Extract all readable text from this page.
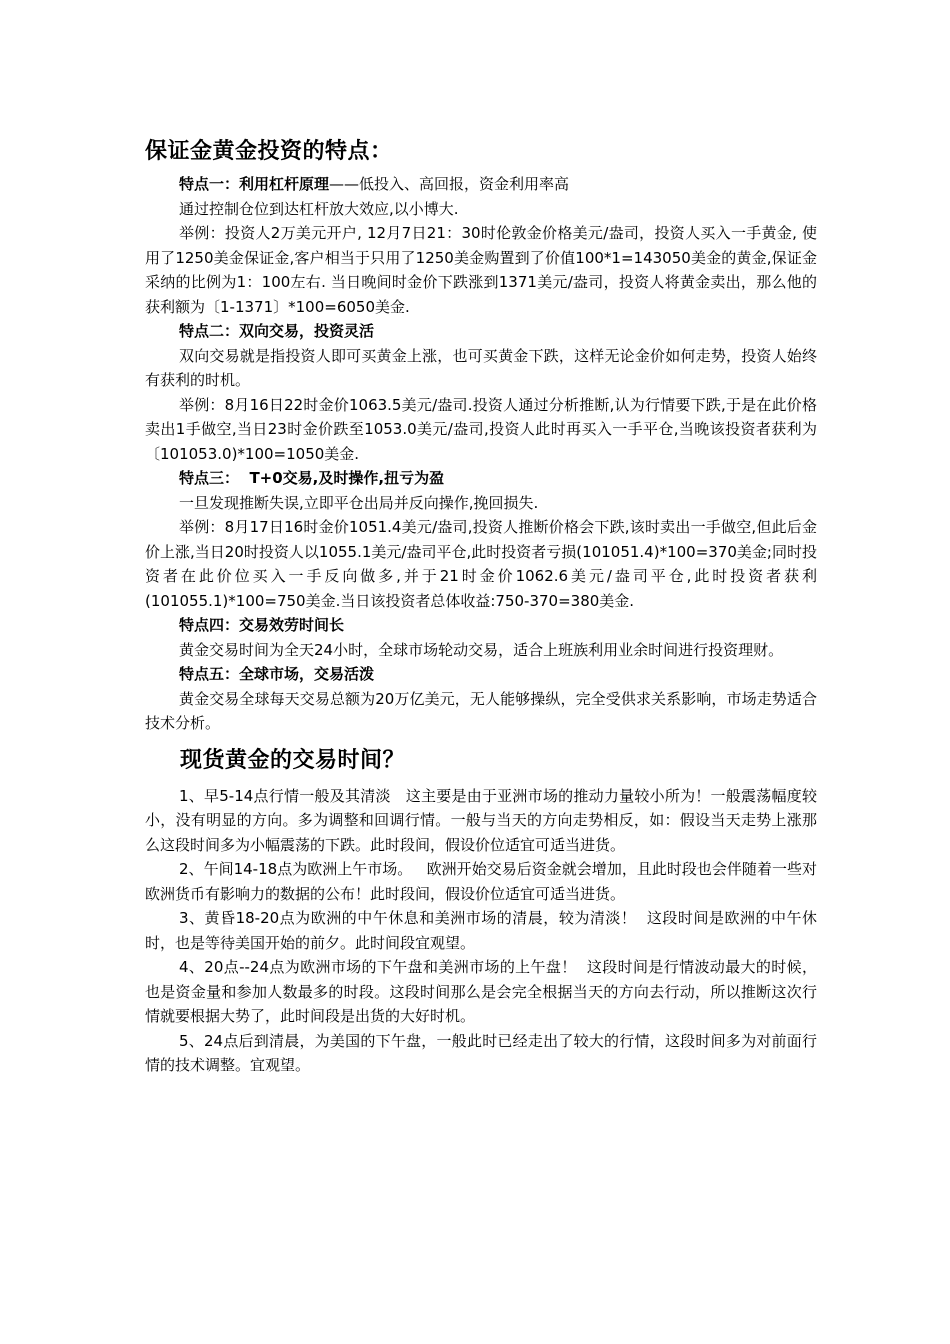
保证金黄金投资的特点：

特点一：利用杠杆原理——低投入、高回报，资金利用率高

通过控制仓位到达杠杆放大效应,以小博大.

举例：投资人2万美元开户, 12月7日21：30时伦敦金价格美元/盎司，投资人买入一手黄金, 使用了1250美金保证金,客户相当于只用了1250美金购置到了价值100*1=143050美金的黄金,保证金采纳的比例为1：100左右. 当日晚间时金价下跌涨到1371美元/盎司，投资人将黄金卖出，那么他的获利额为〔1-1371〕*100=6050美金.

特点二：双向交易，投资灵活

双向交易就是指投资人即可买黄金上涨，也可买黄金下跌，这样无论金价如何走势，投资人始终有获利的时机。

举例：8月16日22时金价1063.5美元/盎司.投资人通过分析推断,认为行情要下跌,于是在此价格卖出1手做空,当日23时金价跌至1053.0美元/盎司,投资人此时再买入一手平仓,当晚该投资者获利为〔101053.0)*100=1050美金.

特点三：  T+0交易,及时操作,扭亏为盈

一旦发现推断失误,立即平仓出局并反向操作,挽回损失.

举例：8月17日16时金价1051.4美元/盎司,投资人推断价格会下跌,该时卖出一手做空,但此后金价上涨,当日20时投资人以1055.1美元/盎司平仓,此时投资者亏损(101051.4)*100=370美金;同时投资者在此价位买入一手反向做多,并于21时金价1062.6美元/盎司平仓,此时投资者获利(101055.1)*100=750美金.当日该投资者总体收益:750-370=380美金.

特点四：交易效劳时间长

黄金交易时间为全天24小时，全球市场轮动交易，适合上班族利用业余时间进行投资理财。

特点五：全球市场，交易活泼

黄金交易全球每天交易总额为20万亿美元，无人能够操纵，完全受供求关系影响，市场走势适合技术分析。

现货黄金的交易时间？

1、早5-14点行情一般及其清淡   这主要是由于亚洲市场的推动力量较小所为！一般震荡幅度较小，没有明显的方向。多为调整和回调行情。一般与当天的方向走势相反，如：假设当天走势上涨那么这段时间多为小幅震荡的下跌。此时段间，假设价位适宜可适当进货。

2、午间14-18点为欧洲上午市场。   欧洲开始交易后资金就会增加，且此时段也会伴随着一些对欧洲货币有影响力的数据的公布！此时段间，假设价位适宜可适当进货。

3、黄昏18-20点为欧洲的中午休息和美洲市场的清晨，较为清淡！  这段时间是欧洲的中午休时，也是等待美国开始的前夕。此时间段宜观望。

4、20点--24点为欧洲市场的下午盘和美洲市场的上午盘！  这段时间是行情波动最大的时候，也是资金量和参加人数最多的时段。这段时间那么是会完全根据当天的方向去行动，所以推断这次行情就要根据大势了，此时间段是出货的大好时机。

5、24点后到清晨，为美国的下午盘，一般此时已经走出了较大的行情，这段时间多为对前面行情的技术调整。宜观望。
